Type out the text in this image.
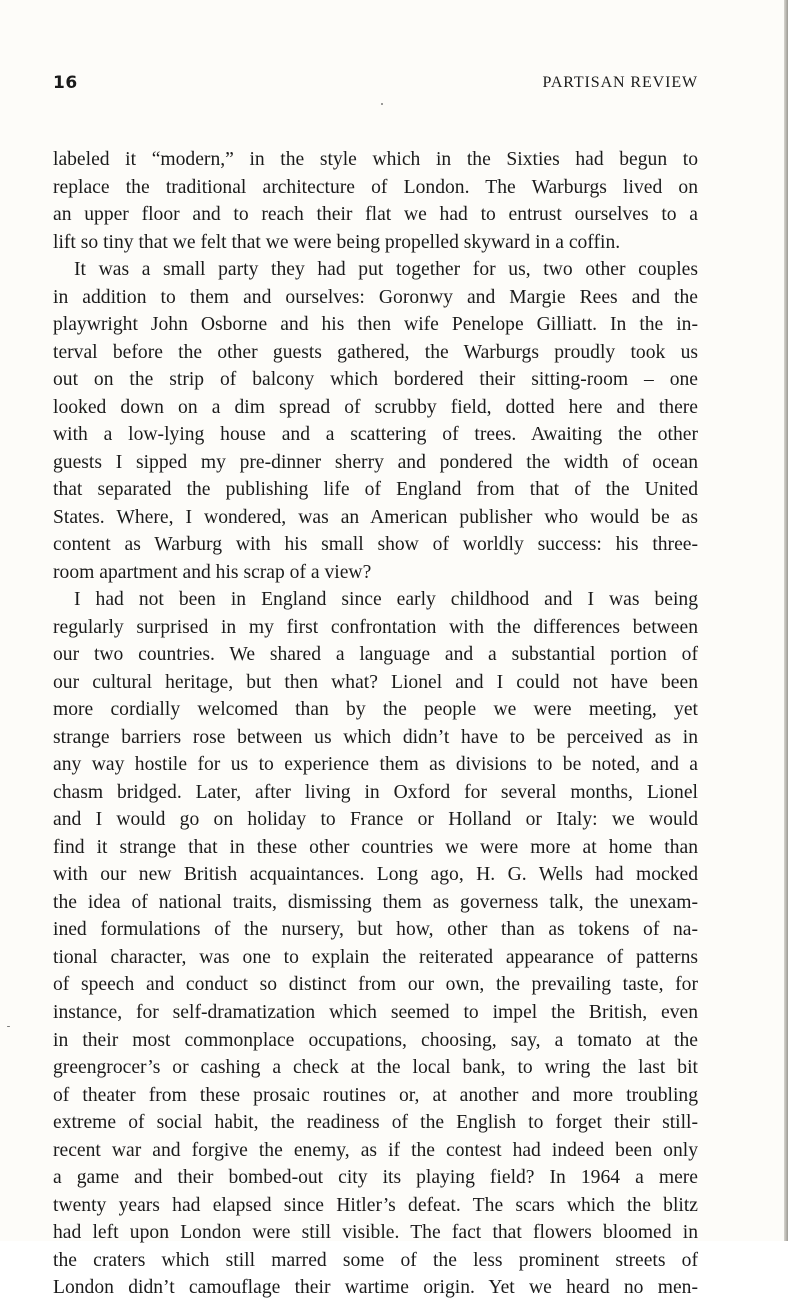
16	PARTISAN REVIEW
labeled it “modern,” in the style which in the Sixties had begun to
replace the traditional architecture of London. The Warburgs lived on
an upper floor and to reach their flat we had to entrust ourselves to a
lift so tiny that we felt that we were being propelled skyward in a coffin.
It was a small party they had put together for us, two other couples
in addition to them and ourselves: Goronwy and Margie Rees and the
playwright John Osborne and his then wife Penelope Gilliatt. In the in-
terval before the other guests gathered, the Warburgs proudly took us
out on the strip of balcony which bordered their sitting-room – one
looked down on a dim spread of scrubby field, dotted here and there
with a low-lying house and a scattering of trees. Awaiting the other
guests I sipped my pre-dinner sherry and pondered the width of ocean
that separated the publishing life of England from that of the United
States. Where, I wondered, was an American publisher who would be as
content as Warburg with his small show of worldly success: his three-
room apartment and his scrap of a view?
I had not been in England since early childhood and I was being
regularly surprised in my first confrontation with the differences between
our two countries. We shared a language and a substantial portion of
our cultural heritage, but then what? Lionel and I could not have been
more cordially welcomed than by the people we were meeting, yet
strange barriers rose between us which didn’t have to be perceived as in
any way hostile for us to experience them as divisions to be noted, and a
chasm bridged. Later, after living in Oxford for several months, Lionel
and I would go on holiday to France or Holland or Italy: we would
find it strange that in these other countries we were more at home than
with our new British acquaintances. Long ago, H. G. Wells had mocked
the idea of national traits, dismissing them as governess talk, the unexam-
ined formulations of the nursery, but how, other than as tokens of na-
tional character, was one to explain the reiterated appearance of patterns
of speech and conduct so distinct from our own, the prevailing taste, for
instance, for self-dramatization which seemed to impel the British, even
in their most commonplace occupations, choosing, say, a tomato at the
greengrocer’s or cashing a check at the local bank, to wring the last bit
of theater from these prosaic routines or, at another and more troubling
extreme of social habit, the readiness of the English to forget their still-
recent war and forgive the enemy, as if the contest had indeed been only
a game and their bombed-out city its playing field? In 1964 a mere
twenty years had elapsed since Hitler’s defeat. The scars which the blitz
had left upon London were still visible. The fact that flowers bloomed in
the craters which still marred some of the less prominent streets of
London didn’t camouflage their wartime origin. Yet we heard no men-
